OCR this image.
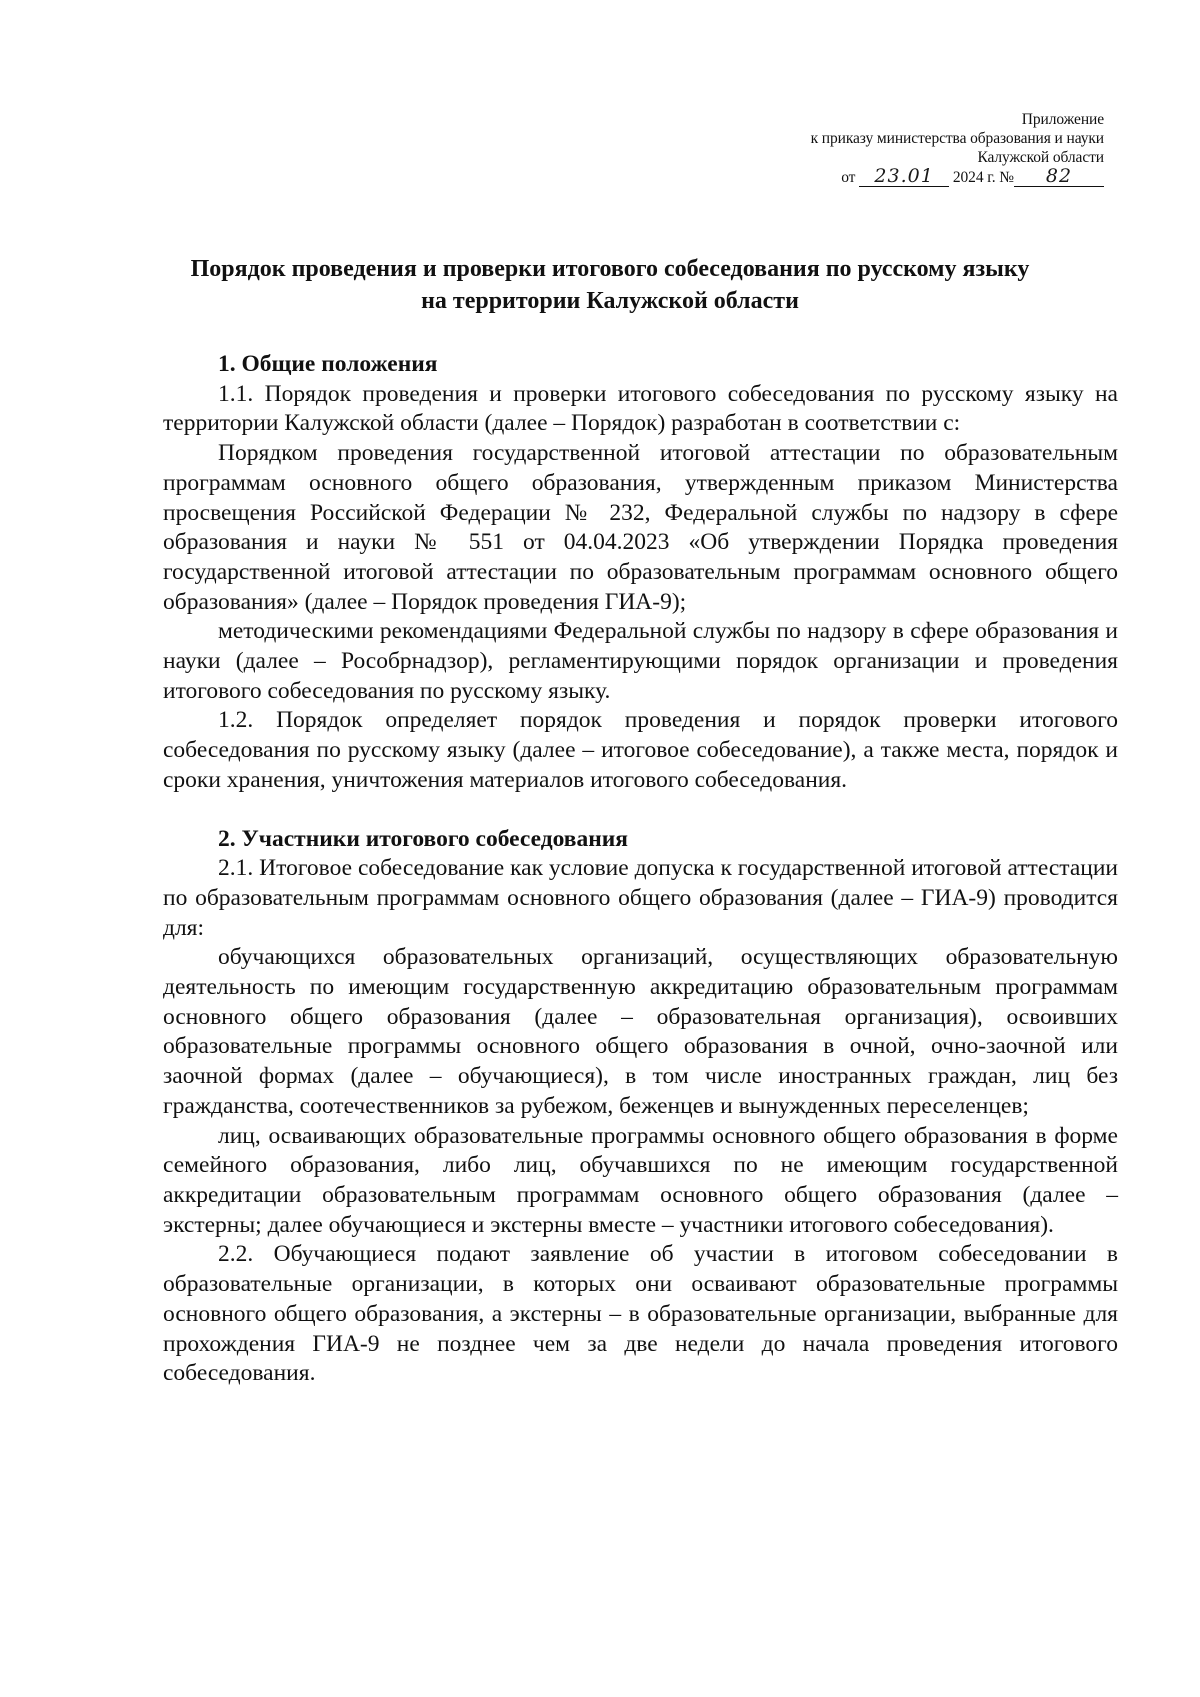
Приложение
к приказу министерства образования и науки
Калужской области
от 23.01 2024 г. № 82
Порядок проведения и проверки итогового собеседования по русскому языку
на территории Калужской области
1. Общие положения

1.1. Порядок проведения и проверки итогового собеседования по русскому языку на территории Калужской области (далее – Порядок) разработан в соответствии с:

Порядком проведения государственной итоговой аттестации по образовательным программам основного общего образования, утвержденным приказом Министерства просвещения Российской Федерации № 232, Федеральной службы по надзору в сфере образования и науки № 551 от 04.04.2023 «Об утверждении Порядка проведения государственной итоговой аттестации по образовательным программам основного общего образования» (далее – Порядок проведения ГИА-9);

методическими рекомендациями Федеральной службы по надзору в сфере образования и науки (далее – Рособрнадзор), регламентирующими порядок организации и проведения итогового собеседования по русскому языку.

1.2. Порядок определяет порядок проведения и порядок проверки итогового собеседования по русскому языку (далее – итоговое собеседование), а также места, порядок и сроки хранения, уничтожения материалов итогового собеседования.

2. Участники итогового собеседования

2.1. Итоговое собеседование как условие допуска к государственной итоговой аттестации по образовательным программам основного общего образования (далее – ГИА-9) проводится для:

обучающихся образовательных организаций, осуществляющих образовательную деятельность по имеющим государственную аккредитацию образовательным программам основного общего образования (далее – образовательная организация), освоивших образовательные программы основного общего образования в очной, очно-заочной или заочной формах (далее – обучающиеся), в том числе иностранных граждан, лиц без гражданства, соотечественников за рубежом, беженцев и вынужденных переселенцев;

лиц, осваивающих образовательные программы основного общего образования в форме семейного образования, либо лиц, обучавшихся по не имеющим государственной аккредитации образовательным программам основного общего образования (далее – экстерны; далее обучающиеся и экстерны вместе – участники итогового собеседования).

2.2. Обучающиеся подают заявление об участии в итоговом собеседовании в образовательные организации, в которых они осваивают образовательные программы основного общего образования, а экстерны – в образовательные организации, выбранные для прохождения ГИА-9 не позднее чем за две недели до начала проведения итогового собеседования.
